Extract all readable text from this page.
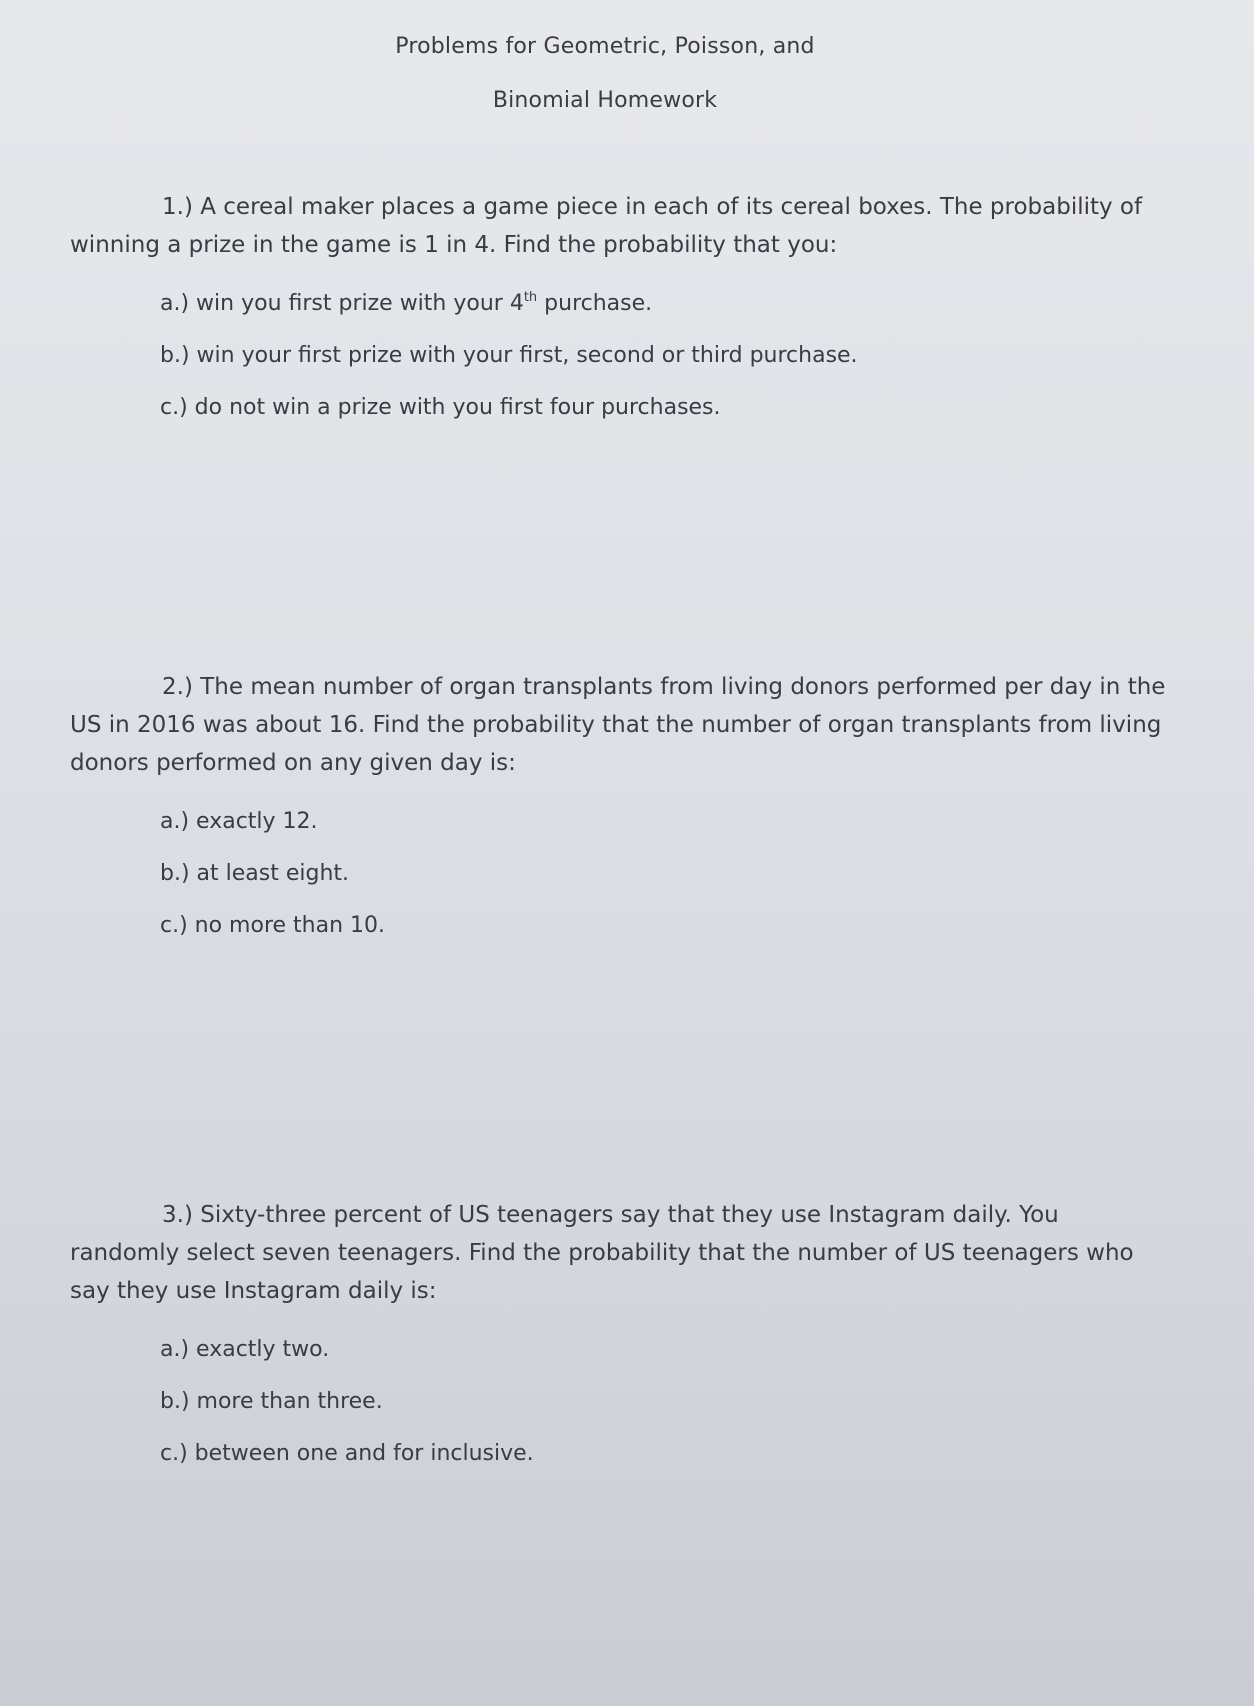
Problems for Geometric, Poisson, and
Binomial Homework

1.) A cereal maker places a game piece in each of its cereal boxes. The probability of winning a prize in the game is 1 in 4. Find the probability that you:

a.) win you first prize with your 4th purchase.
b.) win your first prize with your first, second or third purchase.
c.) do not win a prize with you first four purchases.

2.) The mean number of organ transplants from living donors performed per day in the US in 2016 was about 16. Find the probability that the number of organ transplants from living donors performed on any given day is:

a.) exactly 12.
b.) at least eight.
c.) no more than 10.

3.) Sixty-three percent of US teenagers say that they use Instagram daily. You randomly select seven teenagers. Find the probability that the number of US teenagers who say they use Instagram daily is:

a.) exactly two.
b.) more than three.
c.) between one and for inclusive.
